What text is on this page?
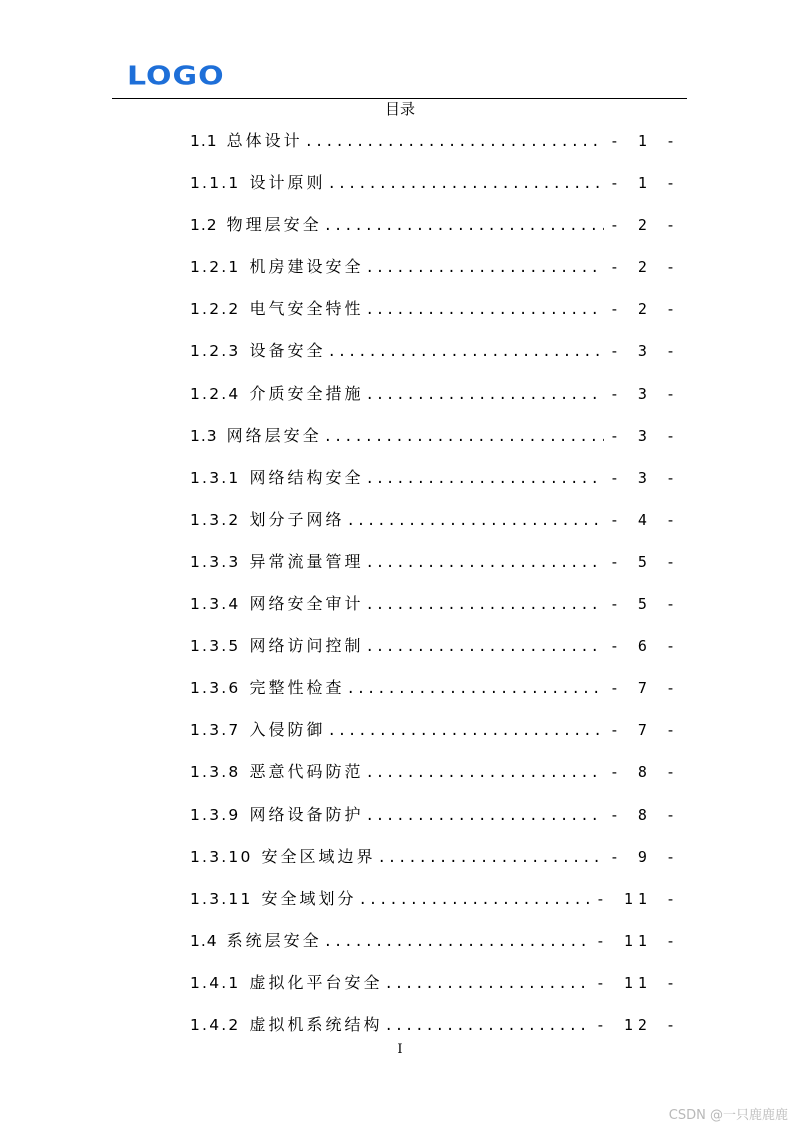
LOGO
目录
1.1 总体设计 .....	- 1 -
1.1.1 设计原则 .....	- 1 -
1.2 物理层安全 .....	- 2 -
1.2.1 机房建设安全 .....	- 2 -
1.2.2 电气安全特性 .....	- 2 -
1.2.3 设备安全 .....	- 3 -
1.2.4 介质安全措施 .....	- 3 -
1.3 网络层安全 .....	- 3 -
1.3.1 网络结构安全 .....	- 3 -
1.3.2 划分子网络 .....	- 4 -
1.3.3 异常流量管理 .....	- 5 -
1.3.4 网络安全审计 .....	- 5 -
1.3.5 网络访问控制 .....	- 6 -
1.3.6 完整性检查 .....	- 7 -
1.3.7 入侵防御 .....	- 7 -
1.3.8 恶意代码防范 .....	- 8 -
1.3.9 网络设备防护 .....	- 8 -
1.3.10 安全区域边界 .....	- 9 -
1.3.11 安全域划分 .....	- 11 -
1.4 系统层安全 .....	- 11 -
1.4.1 虚拟化平台安全 .....	- 11 -
1.4.2 虚拟机系统结构 .....	- 12 -
I
CSDN @一只鹿鹿鹿
